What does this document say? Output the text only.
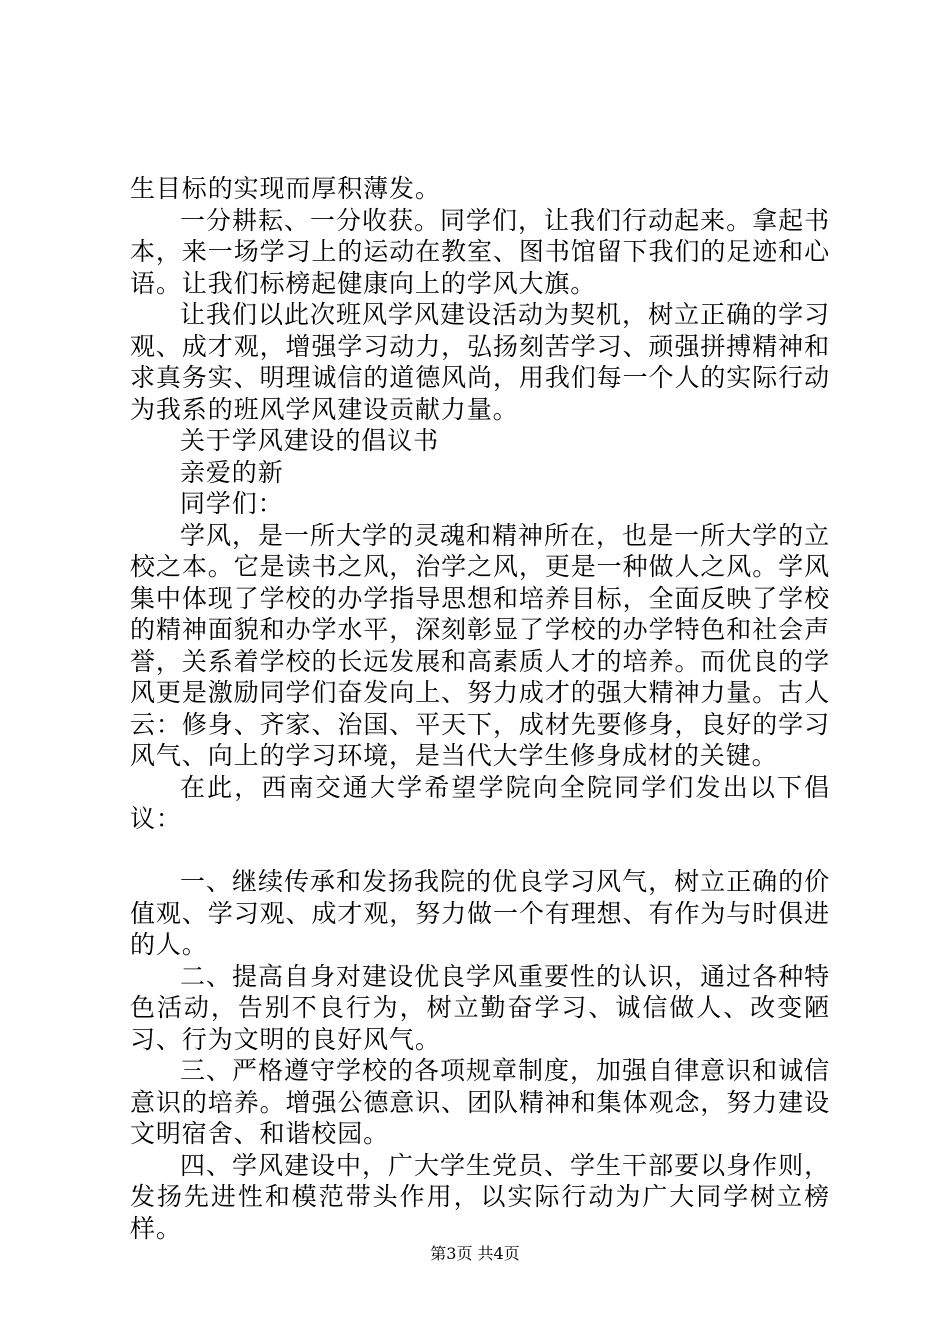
生目标的实现而厚积薄发。

一分耕耘、一分收获。同学们，让我们行动起来。拿起书本，来一场学习上的运动在教室、图书馆留下我们的足迹和心语。让我们标榜起健康向上的学风大旗。

让我们以此次班风学风建设活动为契机，树立正确的学习观、成才观，增强学习动力，弘扬刻苦学习、顽强拼搏精神和求真务实、明理诚信的道德风尚，用我们每一个人的实际行动为我系的班风学风建设贡献力量。

关于学风建设的倡议书

亲爱的新

同学们：

学风，是一所大学的灵魂和精神所在，也是一所大学的立校之本。它是读书之风，治学之风，更是一种做人之风。学风集中体现了学校的办学指导思想和培养目标，全面反映了学校的精神面貌和办学水平，深刻彰显了学校的办学特色和社会声誉，关系着学校的长远发展和高素质人才的培养。而优良的学风更是激励同学们奋发向上、努力成才的强大精神力量。古人云：修身、齐家、治国、平天下，成材先要修身，良好的学习风气、向上的学习环境，是当代大学生修身成材的关键。

在此，西南交通大学希望学院向全院同学们发出以下倡议：

一、继续传承和发扬我院的优良学习风气，树立正确的价值观、学习观、成才观，努力做一个有理想、有作为与时俱进的人。

二、提高自身对建设优良学风重要性的认识，通过各种特色活动，告别不良行为，树立勤奋学习、诚信做人、改变陋习、行为文明的良好风气。

三、严格遵守学校的各项规章制度，加强自律意识和诚信意识的培养。增强公德意识、团队精神和集体观念，努力建设文明宿舍、和谐校园。

四、学风建设中，广大学生党员、学生干部要以身作则，发扬先进性和模范带头作用，以实际行动为广大同学树立榜样。

第3页 共4页
